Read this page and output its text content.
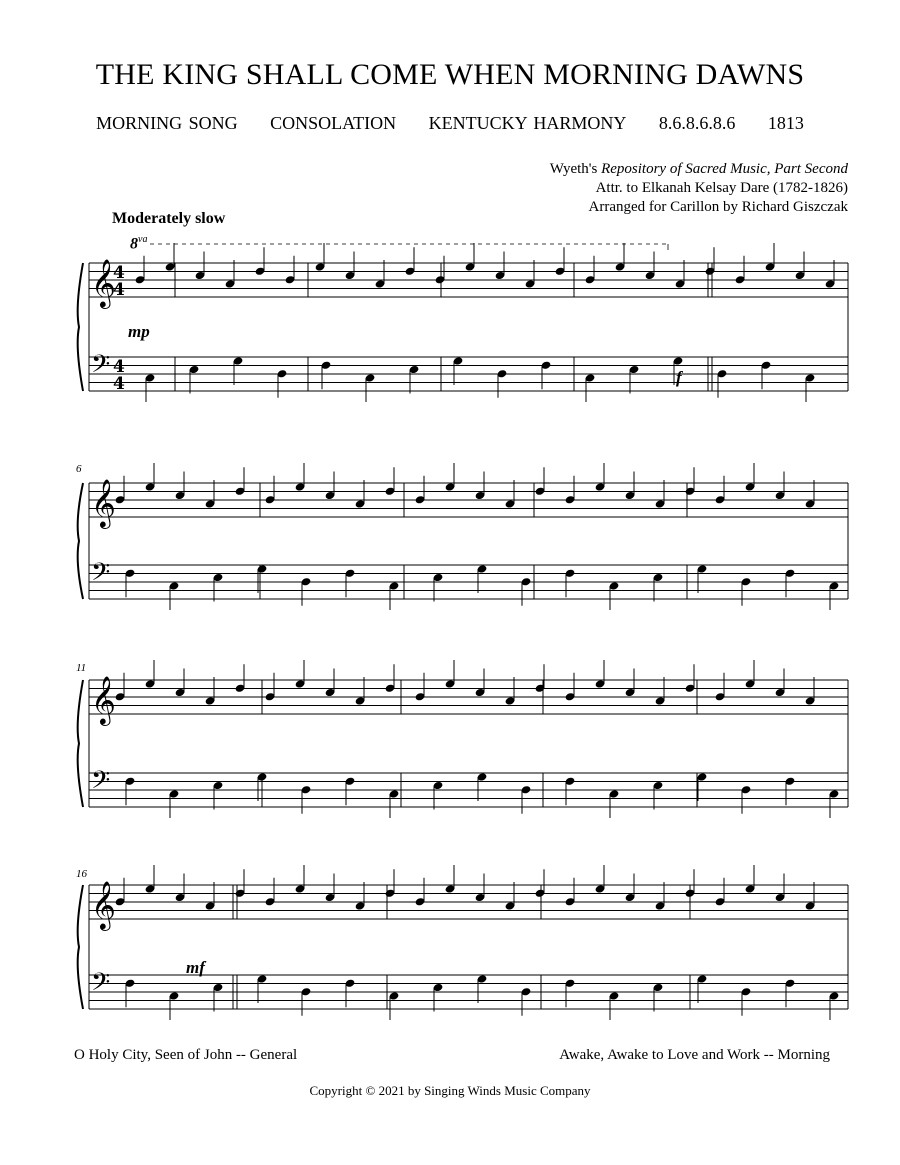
THE KING SHALL COME WHEN MORNING DAWNS
MORNING SONG CONSOLATION KENTUCKY HARMONY 8.6.8.6.8.6 1813
Wyeth's Repository of Sacred Music, Part Second
Attr. to Elkanah Kelsay Dare (1782-1826)
Arranged for Carillon by Richard Giszczak
Moderately slow
$8^{va}$
6
11
16
mp
f
mf
𝄞
𝄢
4
4
4
4
𝄞
𝄢
𝄞
𝄢
𝄞
𝄢
O Holy City, Seen of John -- General	Awake, Awake to Love and Work -- Morning
Copyright © 2021 by Singing Winds Music Company
